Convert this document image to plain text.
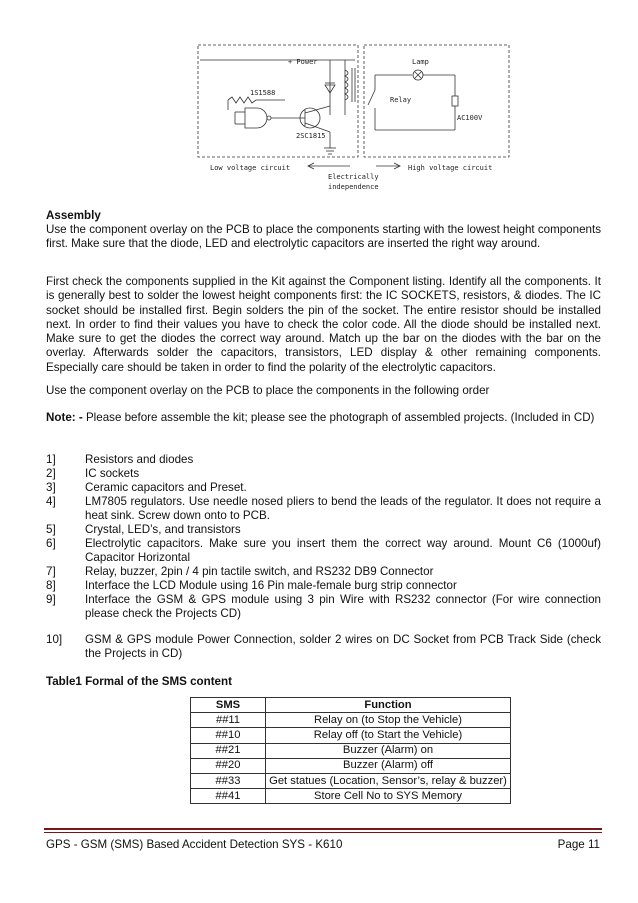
+ Power	Lamp
Relay
AC100V
1S1588
2SC1815
Low voltage circuit	High voltage circuit
Electrically
independence
Assembly

Use the component overlay on the PCB to place the components starting with the lowest height components first. Make sure that the diode, LED and electrolytic capacitors are inserted the right way around.

First check the components supplied in the Kit against the Component listing. Identify all the components. It is generally best to solder the lowest height components first: the IC SOCKETS, resistors, & diodes. The IC socket should be installed first. Begin solders the pin of the socket. The entire resistor should be installed next. In order to find their values you have to check the color code. All the diode should be installed next. Make sure to get the diodes the correct way around. Match up the bar on the diodes with the bar on the overlay. Afterwards solder the capacitors, transistors, LED display & other remaining components. Especially care should be taken in order to find the polarity of the electrolytic capacitors.

Use the component overlay on the PCB to place the components in the following order

Note: - Please before assemble the kit; please see the photograph of assembled projects. (Included in CD)

1]	Resistors and diodes
2]	IC sockets
3]	Ceramic capacitors and Preset.
4]	LM7805 regulators. Use needle nosed pliers to bend the leads of the regulator. It does not require a heat sink. Screw down onto to PCB.
5]	Crystal, LED’s, and transistors
6]	Electrolytic capacitors. Make sure you insert them the correct way around. Mount C6 (1000uf) Capacitor Horizontal
7]	Relay, buzzer, 2pin / 4 pin tactile switch, and RS232 DB9 Connector
8]	Interface the LCD Module using 16 Pin male-female burg strip connector
9]	Interface the GSM & GPS module using 3 pin Wire with RS232 connector (For wire connection please check the Projects CD)
10] GSM & GPS module Power Connection, solder 2 wires on DC Socket from PCB Track Side (check the Projects in CD)
Table1 Formal of the SMS content
SMS	Function
##11	Relay on (to Stop the Vehicle)
##10	Relay off (to Start the Vehicle)
##21	Buzzer (Alarm) on
##20	Buzzer (Alarm) off
##33	Get statues (Location, Sensor’s, relay & buzzer)
##41	Store Cell No to SYS Memory
GPS - GSM (SMS) Based Accident Detection SYS - K610	Page 11
